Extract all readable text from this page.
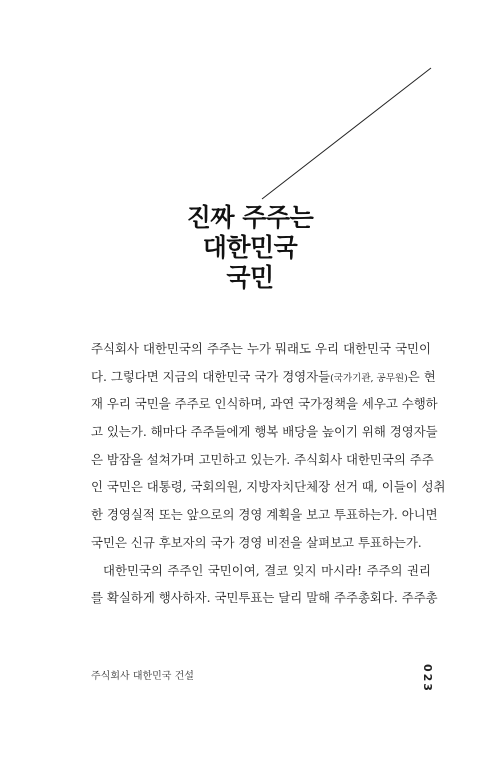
진짜 주주는
대한민국
국민
주식회사 대한민국의 주주는 누가 뭐래도 우리 대한민국 국민이
다. 그렇다면 지금의 대한민국 국가 경영자들(국가기관, 공무원)은 현
재 우리 국민을 주주로 인식하며, 과연 국가정책을 세우고 수행하
고 있는가. 해마다 주주들에게 행복 배당을 높이기 위해 경영자들
은 밤잠을 설쳐가며 고민하고 있는가. 주식회사 대한민국의 주주
인 국민은 대통령, 국회의원, 지방자치단체장 선거 때, 이들이 성취
한 경영실적 또는 앞으로의 경영 계획을 보고 투표하는가. 아니면
국민은 신규 후보자의 국가 경영 비전을 살펴보고 투표하는가.
대한민국의 주주인 국민이여, 결코 잊지 마시라! 주주의 권리
를 확실하게 행사하자. 국민투표는 달리 말해 주주총회다. 주주총
주식회사 대한민국 건설	023
